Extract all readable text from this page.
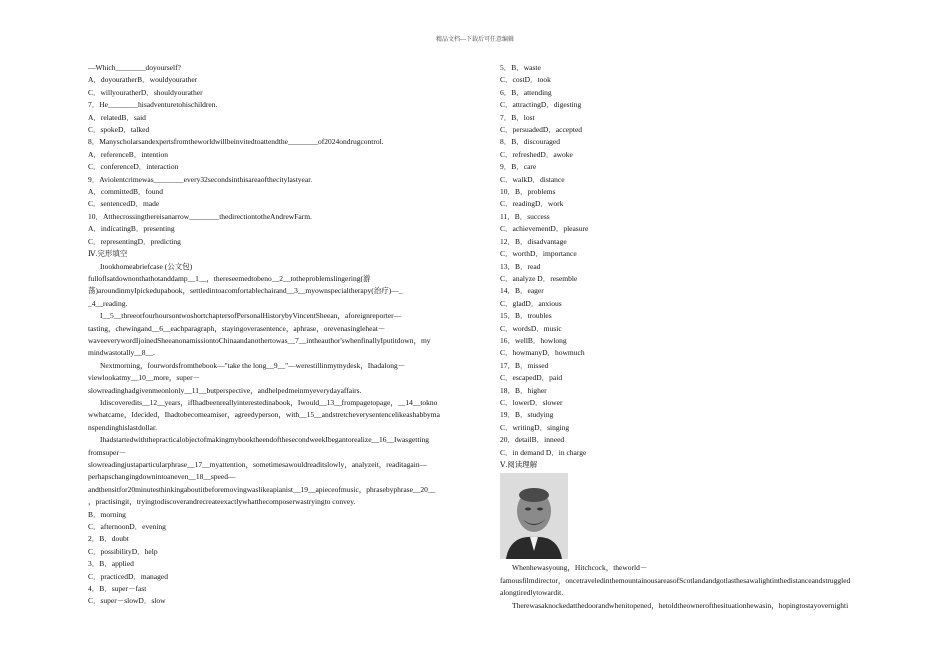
精品文档---下载后可任意编辑

—Which________doyourself?

A．doyouratherB．wouldyourather

C．willyouratherD．shouldyourather

7．He________hisadventuretohischildren.

A．relatedB．said

C．spokeD．talked

8．Manyscholarsandexpertsfromtheworldwillbeinvitedtoattendthe________of2024ondrugcontrol.

A．referenceB．intention

C．conferenceD．interaction

9．Aviolentcrimewas________every32secondsinthisareaofthecitylastyear.

A．committedB．found

C．sentencedD．made

10．Atthecrossingthereisanarrow________thedirectiontotheAndrewFarm.

A．indicatingB．presenting

C．representingD．predicting

Ⅳ.完形填空

Itookhomeabriefcase (公文包)

fulloflsatdownonthathotanddamp__1__，thereseemedtobeno__2__totheproblemslingering(游

荡)aroundinmyIpickedupabook，settledintoacomfortablechairand__3__myownspecialtherapy(治疗)—_

_4__reading.

I__5__threeorfourhoursontwoshortchaptersofPersonalHistorybyVincentSheean，aforeignreporter—

tasting，chewingand__6__eachparagraph，stayingoverasentence，aphrase，orevenasingleheat－

waveeverywordIjoinedSheeanonamissiontoChinaandanothertowas__7__intheauthor'swhenfinallyIputitdown，my

mindwastotally__8__.

Nextmorning，fourwordsfromthebook—"take the long__9__"—werestillinmymydesk，Ihadalong－

viewlookatmy__10__more，super－

slowreadinghadgivenmeonlonly__11__butperspective，andhelpedmeinmyeverydayaffairs.

Idiscoveredits__12__years，ifIhadbeenreallyinterestedinabook，Iwould__13__frompagetopage，__14__tokno

wwhatcame，Idecided，Ihadtobecomeamiser，agreedyperson，with__15__andstretcheverysentencelikeashabbyma

nspendinghislastdollar.

IhadstartedwiththepracticalobjectofmakingmybooktheendofthesecondweekIbegantorealize__16__Iwasgetting

fromsuper－

slowreadingjustaparticularphrase__17__myattention，sometimesawouldreaditslowly，analyzeit，readitagain—

perhapschangingdownintoaneven__18__speed—

andthensitfor20minutesthinkingaboutitbeforemovingwaslikeapianist__19__apieceofmusic，phrasebyphrase__20__

，practisingit，tryingtodiscoverandrecreateexactlywhatthecomposerwastryingto convey.

B．morning

C．afternoonD．evening

2．B．doubt

C．possibilityD．help

3．B．applied

C．practicedD．managed

4．B．super－fast

C．super－slowD．slow

5．B．waste

C．costD．took

6．B．attending

C．attractingD．digesting

7．B．lost

C．persuadedD．accepted

8．B．discouraged

C．refreshedD．awoke

9．B．care

C．walkD．distance

10．B．problems

C．readingD．work

11．B．success

C．achievementD．pleasure

12．B．disadvantage

C．worthD．importance

13．B．read

C．analyze D．resemble

14．B．eager

C．gladD．anxious

15．B．troubles

C．wordsD．music

16．wellB．howlong

C．howmanyD．howmuch

17．B．missed

C．escapedD．paid

18．B．higher

C．lowerD．slower

19．B．studying

C．writingD．singing

20．detailB．inneed

C．in demand D．in charge

Ⅴ.阅读理解

Whenhewasyoung，Hitchcock，theworld－

famousfilmdirector，oncetraveledinthemountainousareasofScotlandandgotlasthesawalightinthedistanceandstruggled

alongtiredlytowardit.

Therewasaknockedatthedoorandwhenitopened，hetoldtheownerofthesituationhewasin，hopingtostayovernighti
